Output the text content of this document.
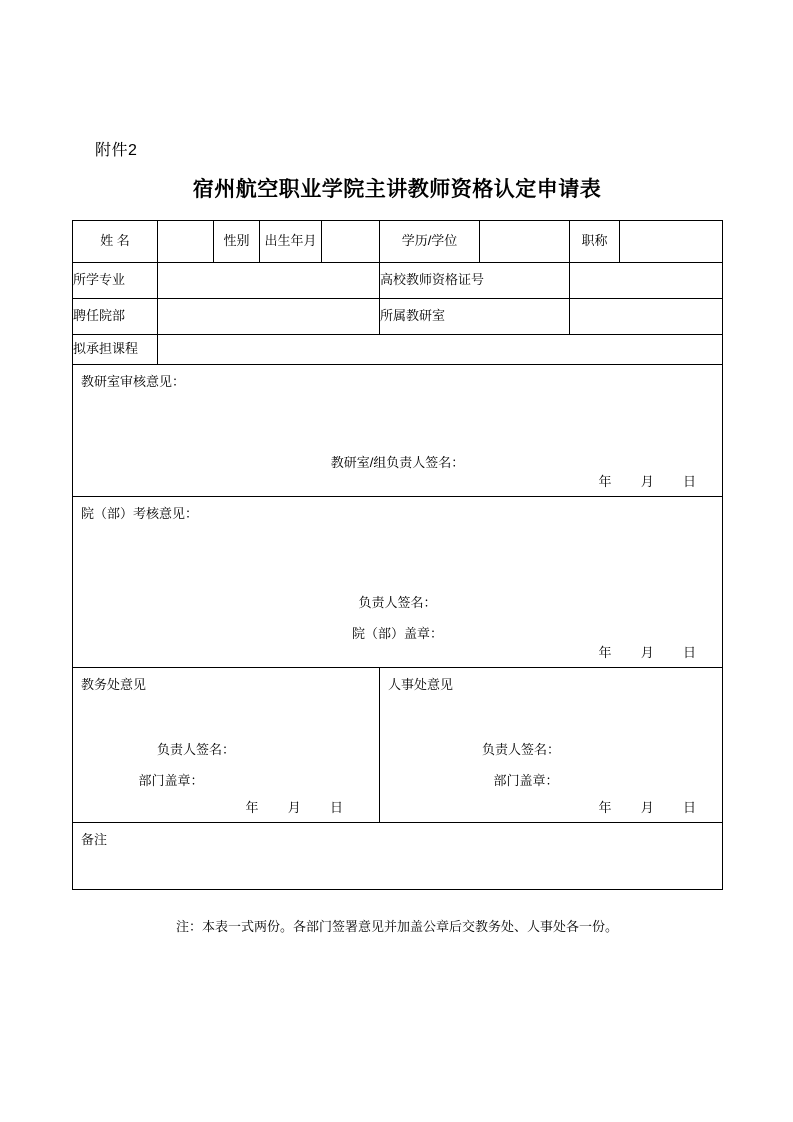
附件2
宿州航空职业学院主讲教师资格认定申请表
姓 名		性别	出生年月		学历/学位		职称	
所学专业					高校教师资格证号			
聘任院部					所属教研室			
拟承担课程								

教研室审核意见：
教研室/组负责人签名：
年 月 日								

院（部）考核意见：
负责人签名：
院（部）盖章：
年 月 日								

教务处意见
负责人签名：
部门盖章：
年 月 日

人事处意见
负责人签名：
部门盖章：
年 月 日

备注								
注：本表一式两份。各部门签署意见并加盖公章后交教务处、人事处各一份。
